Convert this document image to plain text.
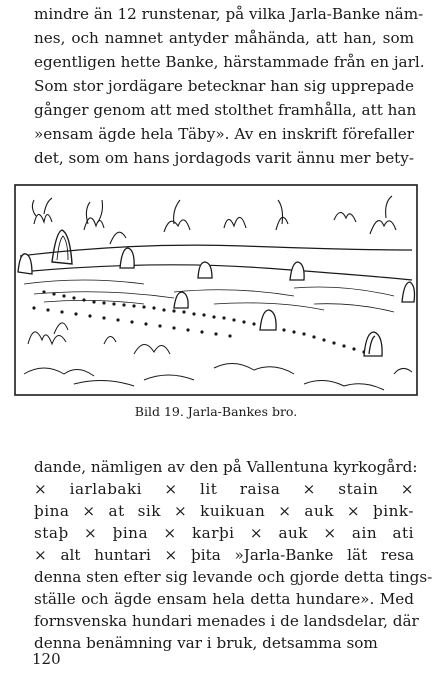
mindre än 12 runstenar, på vilka Jarla-Banke näm-
nes, och namnet antyder måhända, att han, som
egentligen hette Banke, härstammade från en jarl.
Som stor jordägare betecknar han sig upprepade
gånger genom att med stolthet framhålla, att han
»ensam ägde hela Täby». Av en inskrift förefaller
det, som om hans jordagods varit ännu mer bety-
Bild 19. Jarla-Bankes bro.
dande, nämligen av den på Vallentuna kyrkogård:
× iarlabaki × lit raisa × stain ×
þina × at sik × kuikuan × auk × þink-
staþ × þina × karþi × auk × ain ati
× alt huntari × þita »Jarla-Banke lät resa
denna sten efter sig levande och gjorde detta tings-
ställe och ägde ensam hela detta hundare». Med
fornsvenska hundari menades i de landsdelar, där
denna benämning var i bruk, detsamma som
120
